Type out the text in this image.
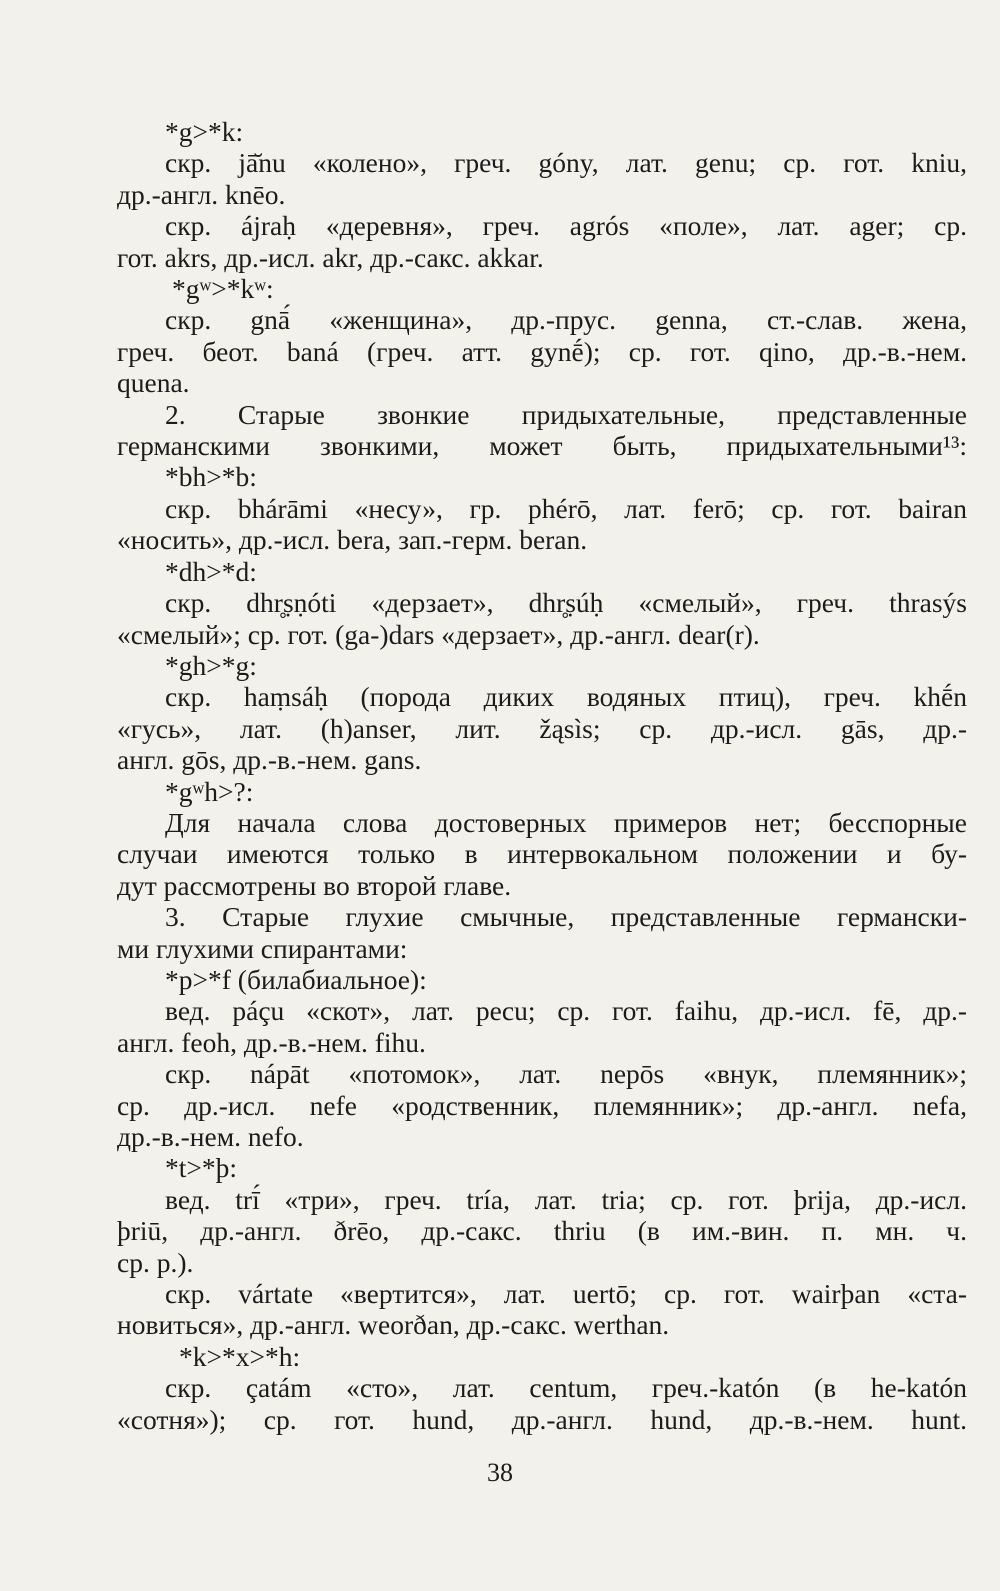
*g>*k:
скр. jā̆nu «колено», греч. góny, лат. genu; ср. гот. kniu,
др.-англ. knēo.
скр. ájraḥ «деревня», греч. agrós «поле», лат. ager; ср.
гот. akrs, др.-исл. akr, др.-сакс. akkar.
*gʷ>*kʷ:
скр. gnā́ «женщина», др.-прус. genna, ст.-слав. жена,
греч. беот. baná (греч. атт. gynḗ); ср. гот. qino, др.-в.-нем.
quena.
2. Старые звонкие придыхательные, представленные
германскими звонкими, может быть, придыхательными¹³:
*bh>*b:
скр. bhárāmi «несу», гр. phérō, лат. ferō; ср. гот. bairan
«носить», др.-исл. bera, зап.-герм. beran.
*dh>*d:
скр. dhr̥ṣṇóti «дерзает», dhr̥ṣúḥ «смелый», греч. thrasýs
«смелый»; ср. гот. (ga-)dars «дерзает», др.-англ. dear(r).
*gh>*g:
скр. haṃsáḥ (порода диких водяных птиц), греч. khḗn
«гусь», лат. (h)anser, лит. žąsìs; ср. др.-исл. gās, др.-
англ. gōs, др.-в.-нем. gans.
*gʷh>?:
Для начала слова достоверных примеров нет; бесспорные
случаи имеются только в интервокальном положении и бу-
дут рассмотрены во второй главе.
3. Старые глухие смычные, представленные германски-
ми глухими спирантами:
*p>*f (билабиальное):
вед. páçu «скот», лат. pecu; ср. гот. faihu, др.-исл. fē, др.-
англ. feoh, др.-в.-нем. fihu.
скр. nápāt «потомок», лат. nepōs «внук, племянник»;
ср. др.-исл. nefe «родственник, племянник»; др.-англ. nefa,
др.-в.-нем. nefo.
*t>*þ:
вед. trī́ «три», греч. tría, лат. tria; ср. гот. þrija, др.-исл.
þriū, др.-англ. ðrēo, др.-сакс. thriu (в им.-вин. п. мн. ч.
ср. р.).
скр. vártate «вертится», лат. uertō; ср. гот. wairþan «ста-
новиться», др.-англ. weorðan, др.-сакс. werthan.
*k>*x>*h:
скр. çatám «сто», лат. centum, греч.-katón (в he-katón
«сотня»); ср. гот. hund, др.-англ. hund, др.-в.-нем. hunt.
38
